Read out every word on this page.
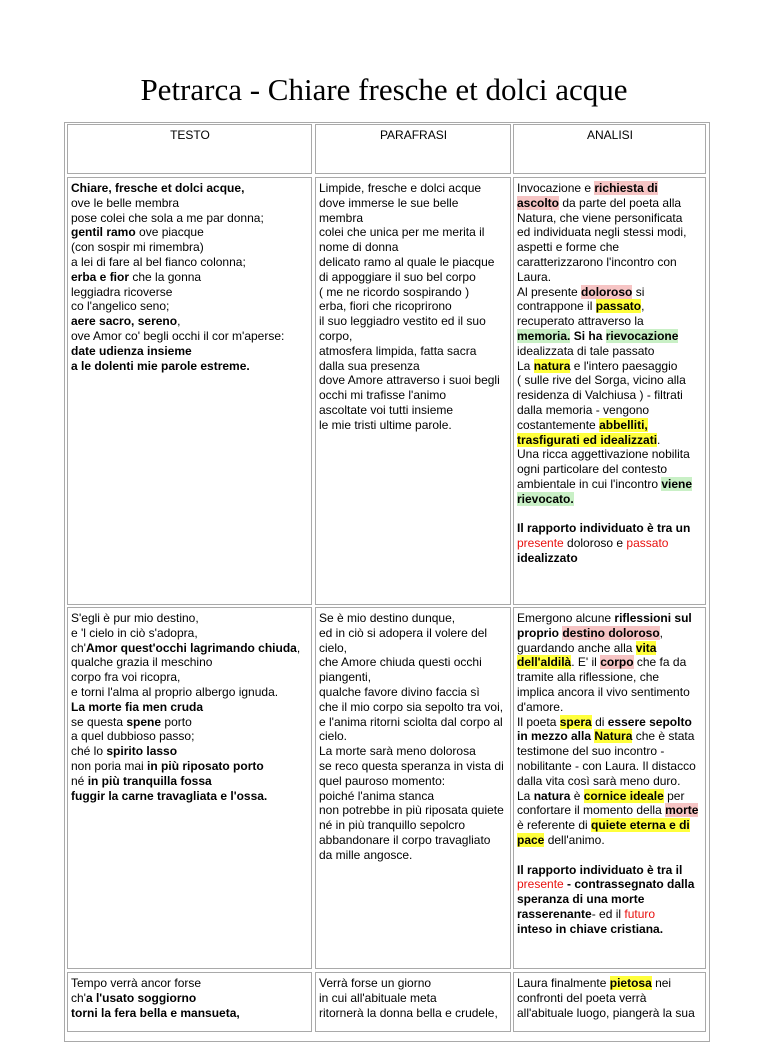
Petrarca - Chiare fresche et dolci acque
TESTO	PARAFRASI	ANALISI
Chiare, fresche et dolci acque,
ove le belle membra
pose colei che sola a me par donna;
gentil ramo ove piacque
(con sospir mi rimembra)
a lei di fare al bel fianco colonna;
erba e fior che la gonna
leggiadra ricoverse
co l'angelico seno;
aere sacro, sereno,
ove Amor co' begli occhi il cor m'aperse:
date udienza insieme
a le dolenti mie parole estreme.
Limpide, fresche e dolci acque
dove immerse le sue belle
membra
colei che unica per me merita il
nome di donna
delicato ramo al quale le piacque
di appoggiare il suo bel corpo
( me ne ricordo sospirando )
erba, fiori che ricoprirono
il suo leggiadro vestito ed il suo
corpo,
atmosfera limpida, fatta sacra
dalla sua presenza
dove Amore attraverso i suoi begli
occhi mi trafisse l'animo
ascoltate voi tutti insieme
le mie tristi ultime parole.
Invocazione e richiesta di
ascolto da parte del poeta alla
Natura, che viene personificata
ed individuata negli stessi modi,
aspetti e forme che
caratterizzarono l'incontro con
Laura.
Al presente doloroso si
contrappone il passato,
recuperato attraverso la
memoria. Si ha rievocazione
idealizzata di tale passato
La natura e l'intero paesaggio
( sulle rive del Sorga, vicino alla
residenza di Valchiusa ) - filtrati
dalla memoria - vengono
costantemente abbelliti,
trasfigurati ed idealizzati.
Una ricca aggettivazione nobilita
ogni particolare del contesto
ambientale in cui l'incontro viene
rievocato.
Il rapporto individuato è tra un
presente doloroso e passato
idealizzato
S'egli è pur mio destino,
e 'l cielo in ciò s'adopra,
ch'Amor quest'occhi lagrimando chiuda,
qualche grazia il meschino
corpo fra voi ricopra,
e torni l'alma al proprio albergo ignuda.
La morte fia men cruda
se questa spene porto
a quel dubbioso passo;
ché lo spirito lasso
non poria mai in più riposato porto
né in più tranquilla fossa
fuggir la carne travagliata e l'ossa.
Se è mio destino dunque,
ed in ciò si adopera il volere del
cielo,
che Amore chiuda questi occhi
piangenti,
qualche favore divino faccia sì
che il mio corpo sia sepolto tra voi,
e l'anima ritorni sciolta dal corpo al
cielo.
La morte sarà meno dolorosa
se reco questa speranza in vista di
quel pauroso momento:
poiché l'anima stanca
non potrebbe in più riposata quiete
né in più tranquillo sepolcro
abbandonare il corpo travagliato
da mille angosce.
Emergono alcune riflessioni sul
proprio destino doloroso,
guardando anche alla vita
dell'aldilà. E' il corpo che fa da
tramite alla riflessione, che
implica ancora il vivo sentimento
d'amore.
Il poeta spera di essere sepolto
in mezzo alla Natura che è stata
testimone del suo incontro -
nobilitante - con Laura. Il distacco
dalla vita così sarà meno duro.
La natura è cornice ideale per
confortare il momento della morte
è referente di quiete eterna e di
pace dell'animo.
Il rapporto individuato è tra il
presente - contrassegnato dalla
speranza di una morte
rasserenante- ed il futuro
inteso in chiave cristiana.
Tempo verrà ancor forse
ch'a l'usato soggiorno
torni la fera bella e mansueta,
Verrà forse un giorno
in cui all'abituale meta
ritornerà la donna bella e crudele,
Laura finalmente pietosa nei
confronti del poeta verrà
all'abituale luogo, piangerà la sua
